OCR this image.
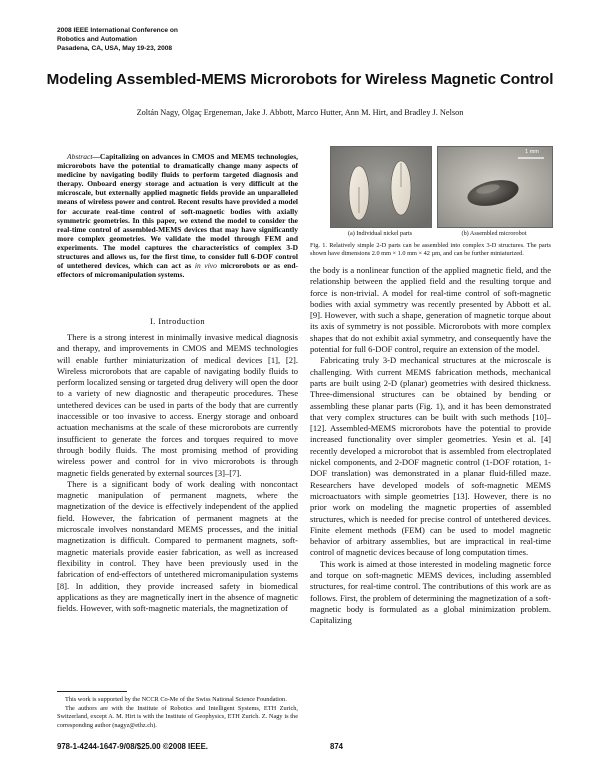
2008 IEEE International Conference on
Robotics and Automation
Pasadena, CA, USA, May 19-23, 2008
Modeling Assembled-MEMS Microrobots for Wireless Magnetic Control
Zoltán Nagy, Olgaç Ergeneman, Jake J. Abbott, Marco Hutter, Ann M. Hirt, and Bradley J. Nelson
Abstract—Capitalizing on advances in CMOS and MEMS technologies, microrobots have the potential to dramatically change many aspects of medicine by navigating bodily fluids to perform targeted diagnosis and therapy. Onboard energy storage and actuation is very difficult at the microscale, but externally applied magnetic fields provide an unparalleled means of wireless power and control. Recent results have provided a model for accurate real-time control of soft-magnetic bodies with axially symmetric geometries. In this paper, we extend the model to consider the real-time control of assembled-MEMS devices that may have significantly more complex geometries. We validate the model through FEM and experiments. The model captures the characteristics of complex 3-D structures and allows us, for the first time, to consider full 6-DOF control of untethered devices, which can act as in vivo microrobots or as end-effectors of micromanipulation systems.
I. Introduction

There is a strong interest in minimally invasive medical diagnosis and therapy, and improvements in CMOS and MEMS technologies will enable further miniaturization of medical devices [1], [2]. Wireless microrobots that are capable of navigating bodily fluids to perform localized sensing or targeted drug delivery will open the door to a variety of new diagnostic and therapeutic procedures. These untethered devices can be used in parts of the body that are currently inaccessible or too invasive to access. Energy storage and onboard actuation mechanisms at the scale of these microrobots are currently insufficient to generate the forces and torques required to move through bodily fluids. The most promising method of providing wireless power and control for in vivo microrobots is through magnetic fields generated by external sources [3]–[7].

There is a significant body of work dealing with noncontact magnetic manipulation of permanent magnets, where the magnetization of the device is effectively independent of the applied field. However, the fabrication of permanent magnets at the microscale involves nonstandard MEMS processes, and the initial magnetization is difficult. Compared to permanent magnets, soft-magnetic materials provide easier fabrication, as well as increased flexibility in control. They have been previously used in the fabrication of end-effectors of untethered micromanipulation systems [8]. In addition, they provide increased safety in biomedical applications as they are magnetically inert in the absence of magnetic fields. However, with soft-magnetic materials, the magnetization of

This work is supported by the NCCR Co-Me of the Swiss National Science Foundation.

The authors are with the Institute of Robotics and Intelligent Systems, ETH Zurich, Switzerland, except A. M. Hirt is with the Institute of Geophysics, ETH Zurich. Z. Nagy is the corresponding author (nagyz@ethz.ch).

1 mm
(a) Individual nickel parts	(b) Assembled microrobot
Fig. 1. Relatively simple 2-D parts can be assembled into complex 3-D structures. The parts shown have dimensions 2.0 mm × 1.0 mm × 42 µm, and can be further miniaturized.

the body is a nonlinear function of the applied magnetic field, and the relationship between the applied field and the resulting torque and force is non-trivial. A model for real-time control of soft-magnetic bodies with axial symmetry was recently presented by Abbott et al. [9]. However, with such a shape, generation of magnetic torque about its axis of symmetry is not possible. Microrobots with more complex shapes that do not exhibit axial symmetry, and consequently have the potential for full 6-DOF control, require an extension of the model.

Fabricating truly 3-D mechanical structures at the microscale is challenging. With current MEMS fabrication methods, mechanical parts are built using 2-D (planar) geometries with desired thickness. Three-dimensional structures can be obtained by bending or assembling these planar parts (Fig. 1), and it has been demonstrated that very complex structures can be built with such methods [10]–[12]. Assembled-MEMS microrobots have the potential to provide increased functionality over simpler geometries. Yesin et al. [4] recently developed a microrobot that is assembled from electroplated nickel components, and 2-DOF magnetic control (1-DOF rotation, 1-DOF translation) was demonstrated in a planar fluid-filled maze. Researchers have developed models of soft-magnetic MEMS microactuators with simple geometries [13]. However, there is no prior work on modeling the magnetic properties of assembled structures, which is needed for precise control of untethered devices. Finite element methods (FEM) can be used to model magnetic behavior of arbitrary assemblies, but are impractical in real-time control of magnetic devices because of long computation times.

This work is aimed at those interested in modeling magnetic force and torque on soft-magnetic MEMS devices, including assembled structures, for real-time control. The contributions of this work are as follows. First, the problem of determining the magnetization of a soft-magnetic body is formulated as a global minimization problem. Capitalizing

978-1-4244-1647-9/08/$25.00 ©2008 IEEE.	874
